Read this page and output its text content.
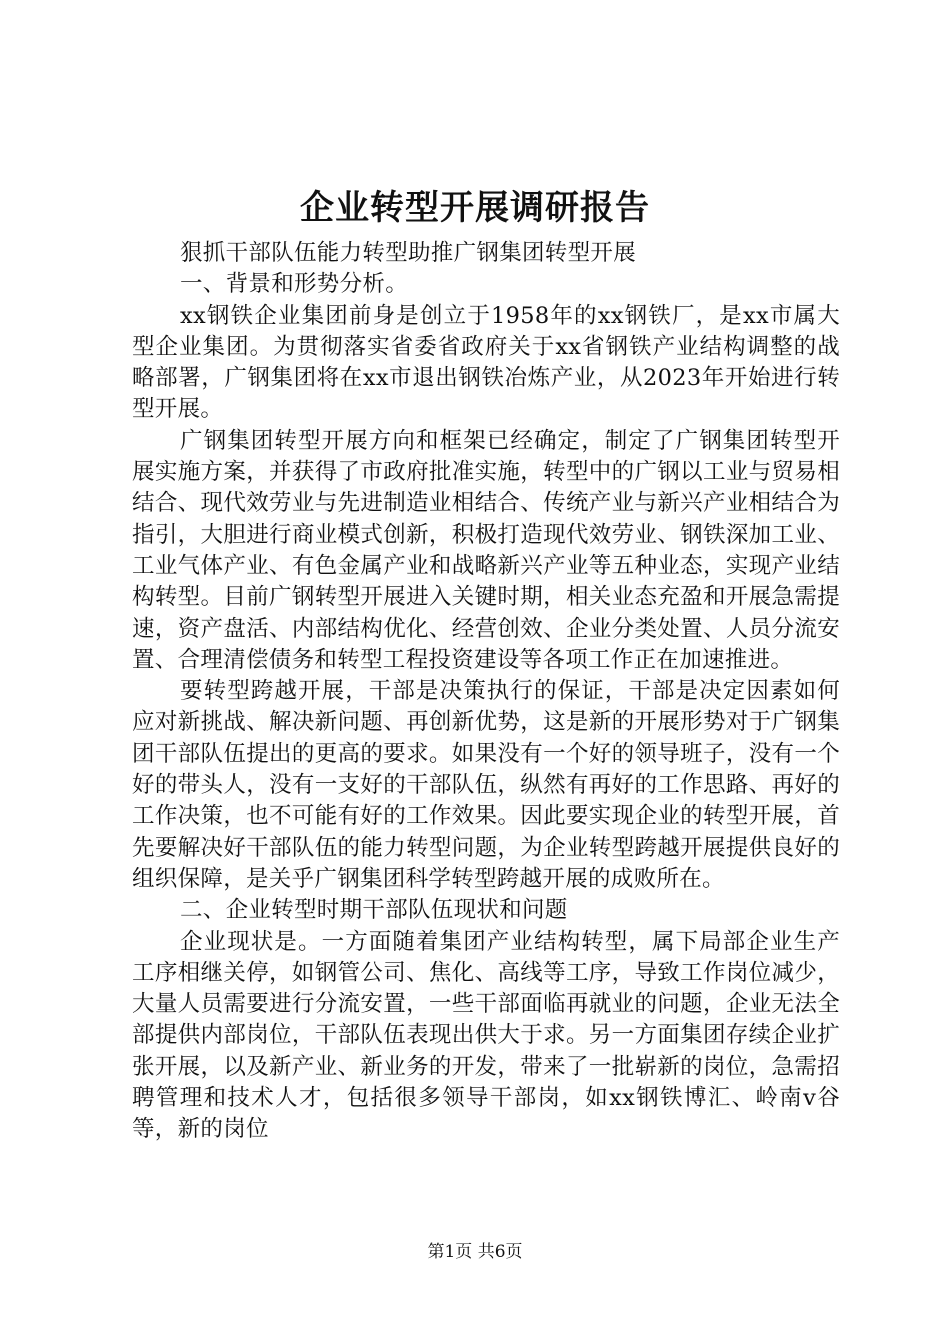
企业转型开展调研报告

狠抓干部队伍能力转型助推广钢集团转型开展

一、背景和形势分析。

xx钢铁企业集团前身是创立于1958年的xx钢铁厂，是xx市属大型企业集团。为贯彻落实省委省政府关于xx省钢铁产业结构调整的战略部署，广钢集团将在xx市退出钢铁冶炼产业，从2023年开始进行转型开展。

广钢集团转型开展方向和框架已经确定，制定了广钢集团转型开展实施方案，并获得了市政府批准实施，转型中的广钢以工业与贸易相结合、现代效劳业与先进制造业相结合、传统产业与新兴产业相结合为指引，大胆进行商业模式创新，积极打造现代效劳业、钢铁深加工业、工业气体产业、有色金属产业和战略新兴产业等五种业态，实现产业结构转型。目前广钢转型开展进入关键时期，相关业态充盈和开展急需提速，资产盘活、内部结构优化、经营创效、企业分类处置、人员分流安置、合理清偿债务和转型工程投资建设等各项工作正在加速推进。

要转型跨越开展，干部是决策执行的保证，干部是决定因素如何应对新挑战、解决新问题、再创新优势，这是新的开展形势对于广钢集团干部队伍提出的更高的要求。如果没有一个好的领导班子，没有一个好的带头人，没有一支好的干部队伍，纵然有再好的工作思路、再好的工作决策，也不可能有好的工作效果。因此要实现企业的转型开展，首先要解决好干部队伍的能力转型问题，为企业转型跨越开展提供良好的组织保障，是关乎广钢集团科学转型跨越开展的成败所在。

二、企业转型时期干部队伍现状和问题

企业现状是。一方面随着集团产业结构转型，属下局部企业生产工序相继关停，如钢管公司、焦化、高线等工序，导致工作岗位减少，大量人员需要进行分流安置，一些干部面临再就业的问题，企业无法全部提供内部岗位，干部队伍表现出供大于求。另一方面集团存续企业扩张开展，以及新产业、新业务的开发，带来了一批崭新的岗位，急需招聘管理和技术人才，包括很多领导干部岗，如xx钢铁博汇、岭南v谷等，新的岗位

第1页 共6页
